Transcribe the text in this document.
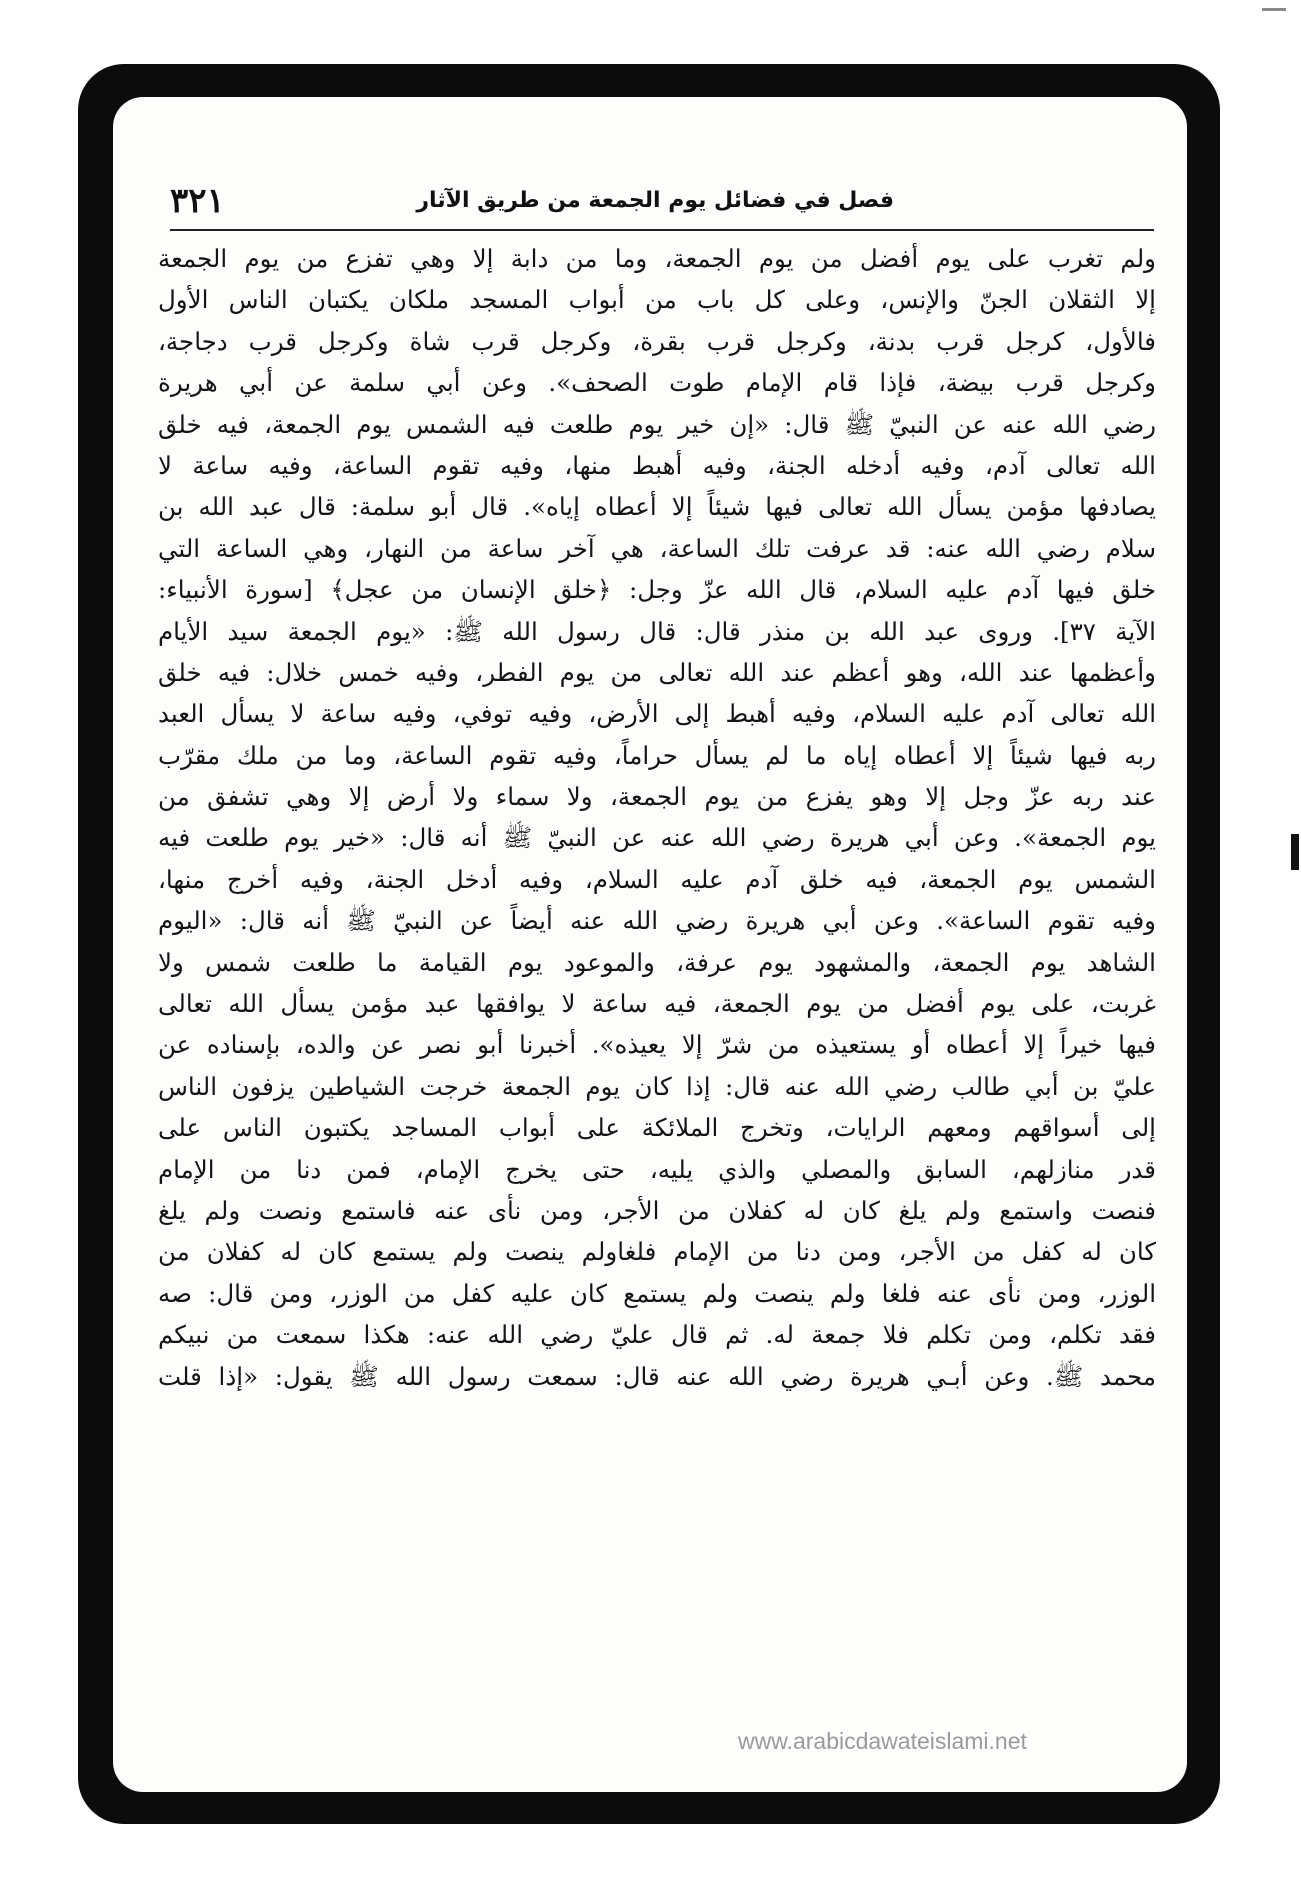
٣٢١	فصل في فضائل يوم الجمعة من طريق الآثار
ولم تغرب على يوم أفضل من يوم الجمعة، وما من دابة إلا وهي تفزع من يوم الجمعة
إلا الثقلان الجنّ والإنس، وعلى كل باب من أبواب المسجد ملكان يكتبان الناس الأول
فالأول، كرجل قرب بدنة، وكرجل قرب بقرة، وكرجل قرب شاة وكرجل قرب دجاجة،
وكرجل قرب بيضة، فإذا قام الإمام طوت الصحف». وعن أبي سلمة عن أبي هريرة
رضي الله عنه عن النبيّ ﷺ قال: «إن خير يوم طلعت فيه الشمس يوم الجمعة، فيه خلق
الله تعالى آدم، وفيه أدخله الجنة، وفيه أهبط منها، وفيه تقوم الساعة، وفيه ساعة لا
يصادفها مؤمن يسأل الله تعالى فيها شيئاً إلا أعطاه إياه». قال أبو سلمة: قال عبد الله بن
سلام رضي الله عنه: قد عرفت تلك الساعة، هي آخر ساعة من النهار، وهي الساعة التي
خلق فيها آدم عليه السلام، قال الله عزّ وجل: ﴿خلق الإنسان من عجل﴾ [سورة الأنبياء:
الآية ٣٧]. وروى عبد الله بن منذر قال: قال رسول الله ﷺ: «يوم الجمعة سيد الأيام
وأعظمها عند الله، وهو أعظم عند الله تعالى من يوم الفطر، وفيه خمس خلال: فيه خلق
الله تعالى آدم عليه السلام، وفيه أهبط إلى الأرض، وفيه توفي، وفيه ساعة لا يسأل العبد
ربه فيها شيئاً إلا أعطاه إياه ما لم يسأل حراماً، وفيه تقوم الساعة، وما من ملك مقرّب
عند ربه عزّ وجل إلا وهو يفزع من يوم الجمعة، ولا سماء ولا أرض إلا وهي تشفق من
يوم الجمعة». وعن أبي هريرة رضي الله عنه عن النبيّ ﷺ أنه قال: «خير يوم طلعت فيه
الشمس يوم الجمعة، فيه خلق آدم عليه السلام، وفيه أدخل الجنة، وفيه أخرج منها،
وفيه تقوم الساعة». وعن أبي هريرة رضي الله عنه أيضاً عن النبيّ ﷺ أنه قال: «اليوم
الشاهد يوم الجمعة، والمشهود يوم عرفة، والموعود يوم القيامة ما طلعت شمس ولا
غربت، على يوم أفضل من يوم الجمعة، فيه ساعة لا يوافقها عبد مؤمن يسأل الله تعالى
فيها خيراً إلا أعطاه أو يستعيذه من شرّ إلا يعيذه». أخبرنا أبو نصر عن والده، بإسناده عن
عليّ بن أبي طالب رضي الله عنه قال: إذا كان يوم الجمعة خرجت الشياطين يزفون الناس
إلى أسواقهم ومعهم الرايات، وتخرج الملائكة على أبواب المساجد يكتبون الناس على
قدر منازلهم، السابق والمصلي والذي يليه، حتى يخرج الإمام، فمن دنا من الإمام
فنصت واستمع ولم يلغ كان له كفلان من الأجر، ومن نأى عنه فاستمع ونصت ولم يلغ
كان له كفل من الأجر، ومن دنا من الإمام فلغاولم ينصت ولم يستمع كان له كفلان من
الوزر، ومن نأى عنه فلغا ولم ينصت ولم يستمع كان عليه كفل من الوزر، ومن قال: صه
فقد تكلم، ومن تكلم فلا جمعة له. ثم قال عليّ رضي الله عنه: هكذا سمعت من نبيكم
محمد ﷺ. وعن أبـي هريرة رضي الله عنه قال: سمعت رسول الله ﷺ يقول: «إذا قلت
www.arabicdawateislami.net
